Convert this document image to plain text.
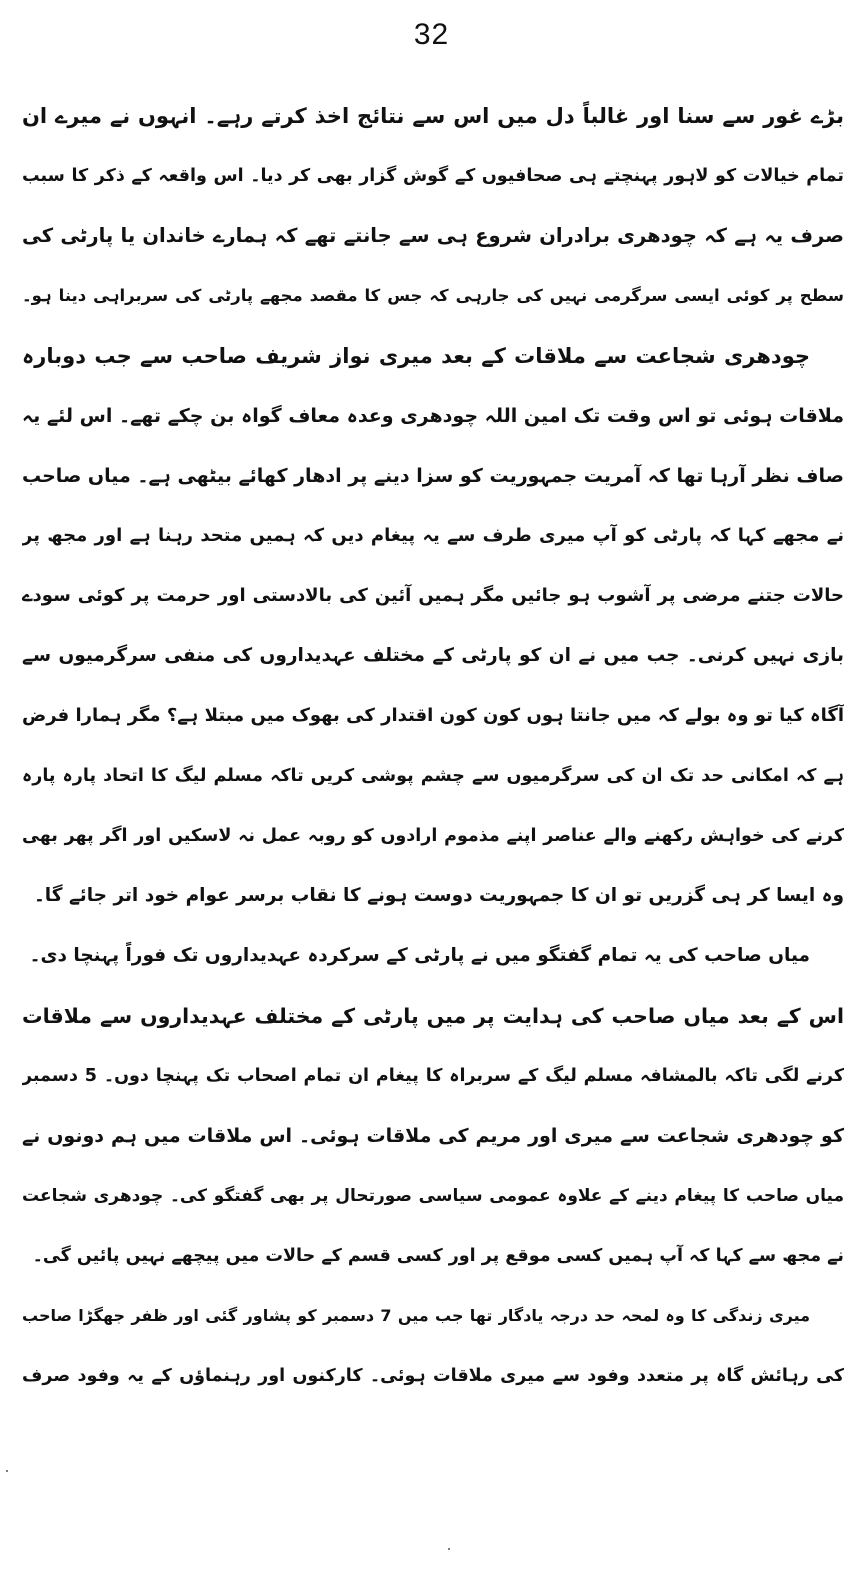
32
بڑے غور سے سنا اور غالباً دل میں اس سے نتائج اخذ کرتے رہے۔ انہوں نے میرے ان
تمام خیالات کو لاہور پہنچتے ہی صحافیوں کے گوش گزار بھی کر دیا۔ اس واقعہ کے ذکر کا سبب
صرف یہ ہے کہ چودھری برادران شروع ہی سے جانتے تھے کہ ہمارے خاندان یا پارٹی کی
سطح پر کوئی ایسی سرگرمی نہیں کی جارہی کہ جس کا مقصد مجھے پارٹی کی سربراہی دینا ہو۔
چودھری شجاعت سے ملاقات کے بعد میری نواز شریف صاحب سے جب دوبارہ
ملاقات ہوئی تو اس وقت تک امین اللہ چودھری وعدہ معاف گواہ بن چکے تھے۔ اس لئے یہ
صاف نظر آرہا تھا کہ آمریت جمہوریت کو سزا دینے پر ادھار کھائے بیٹھی ہے۔ میاں صاحب
نے مجھے کہا کہ پارٹی کو آپ میری طرف سے یہ پیغام دیں کہ ہمیں متحد رہنا ہے اور مجھ پر
حالات جتنے مرضی پر آشوب ہو جائیں مگر ہمیں آئین کی بالادستی اور حرمت پر کوئی سودے
بازی نہیں کرنی۔ جب میں نے ان کو پارٹی کے مختلف عہدیداروں کی منفی سرگرمیوں سے
آگاہ کیا تو وہ بولے کہ میں جانتا ہوں کون کون اقتدار کی بھوک میں مبتلا ہے؟ مگر ہمارا فرض
ہے کہ امکانی حد تک ان کی سرگرمیوں سے چشم پوشی کریں تاکہ مسلم لیگ کا اتحاد پارہ پارہ
کرنے کی خواہش رکھنے والے عناصر اپنے مذموم ارادوں کو روبہ عمل نہ لاسکیں اور اگر پھر بھی
وہ ایسا کر ہی گزریں تو ان کا جمہوریت دوست ہونے کا نقاب برسر عوام خود اتر جائے گا۔
میاں صاحب کی یہ تمام گفتگو میں نے پارٹی کے سرکردہ عہدیداروں تک فوراً پہنچا دی۔
اس کے بعد میاں صاحب کی ہدایت پر میں پارٹی کے مختلف عہدیداروں سے ملاقات
کرنے لگی تاکہ بالمشافہ مسلم لیگ کے سربراہ کا پیغام ان تمام اصحاب تک پہنچا دوں۔ 5 دسمبر
کو چودھری شجاعت سے میری اور مریم کی ملاقات ہوئی۔ اس ملاقات میں ہم دونوں نے
میاں صاحب کا پیغام دینے کے علاوہ عمومی سیاسی صورتحال پر بھی گفتگو کی۔ چودھری شجاعت
نے مجھ سے کہا کہ آپ ہمیں کسی موقع پر اور کسی قسم کے حالات میں پیچھے نہیں پائیں گی۔
میری زندگی کا وہ لمحہ حد درجہ یادگار تھا جب میں 7 دسمبر کو پشاور گئی اور ظفر جھگڑا صاحب
کی رہائش گاہ پر متعدد وفود سے میری ملاقات ہوئی۔ کارکنوں اور رہنماؤں کے یہ وفود صرف
